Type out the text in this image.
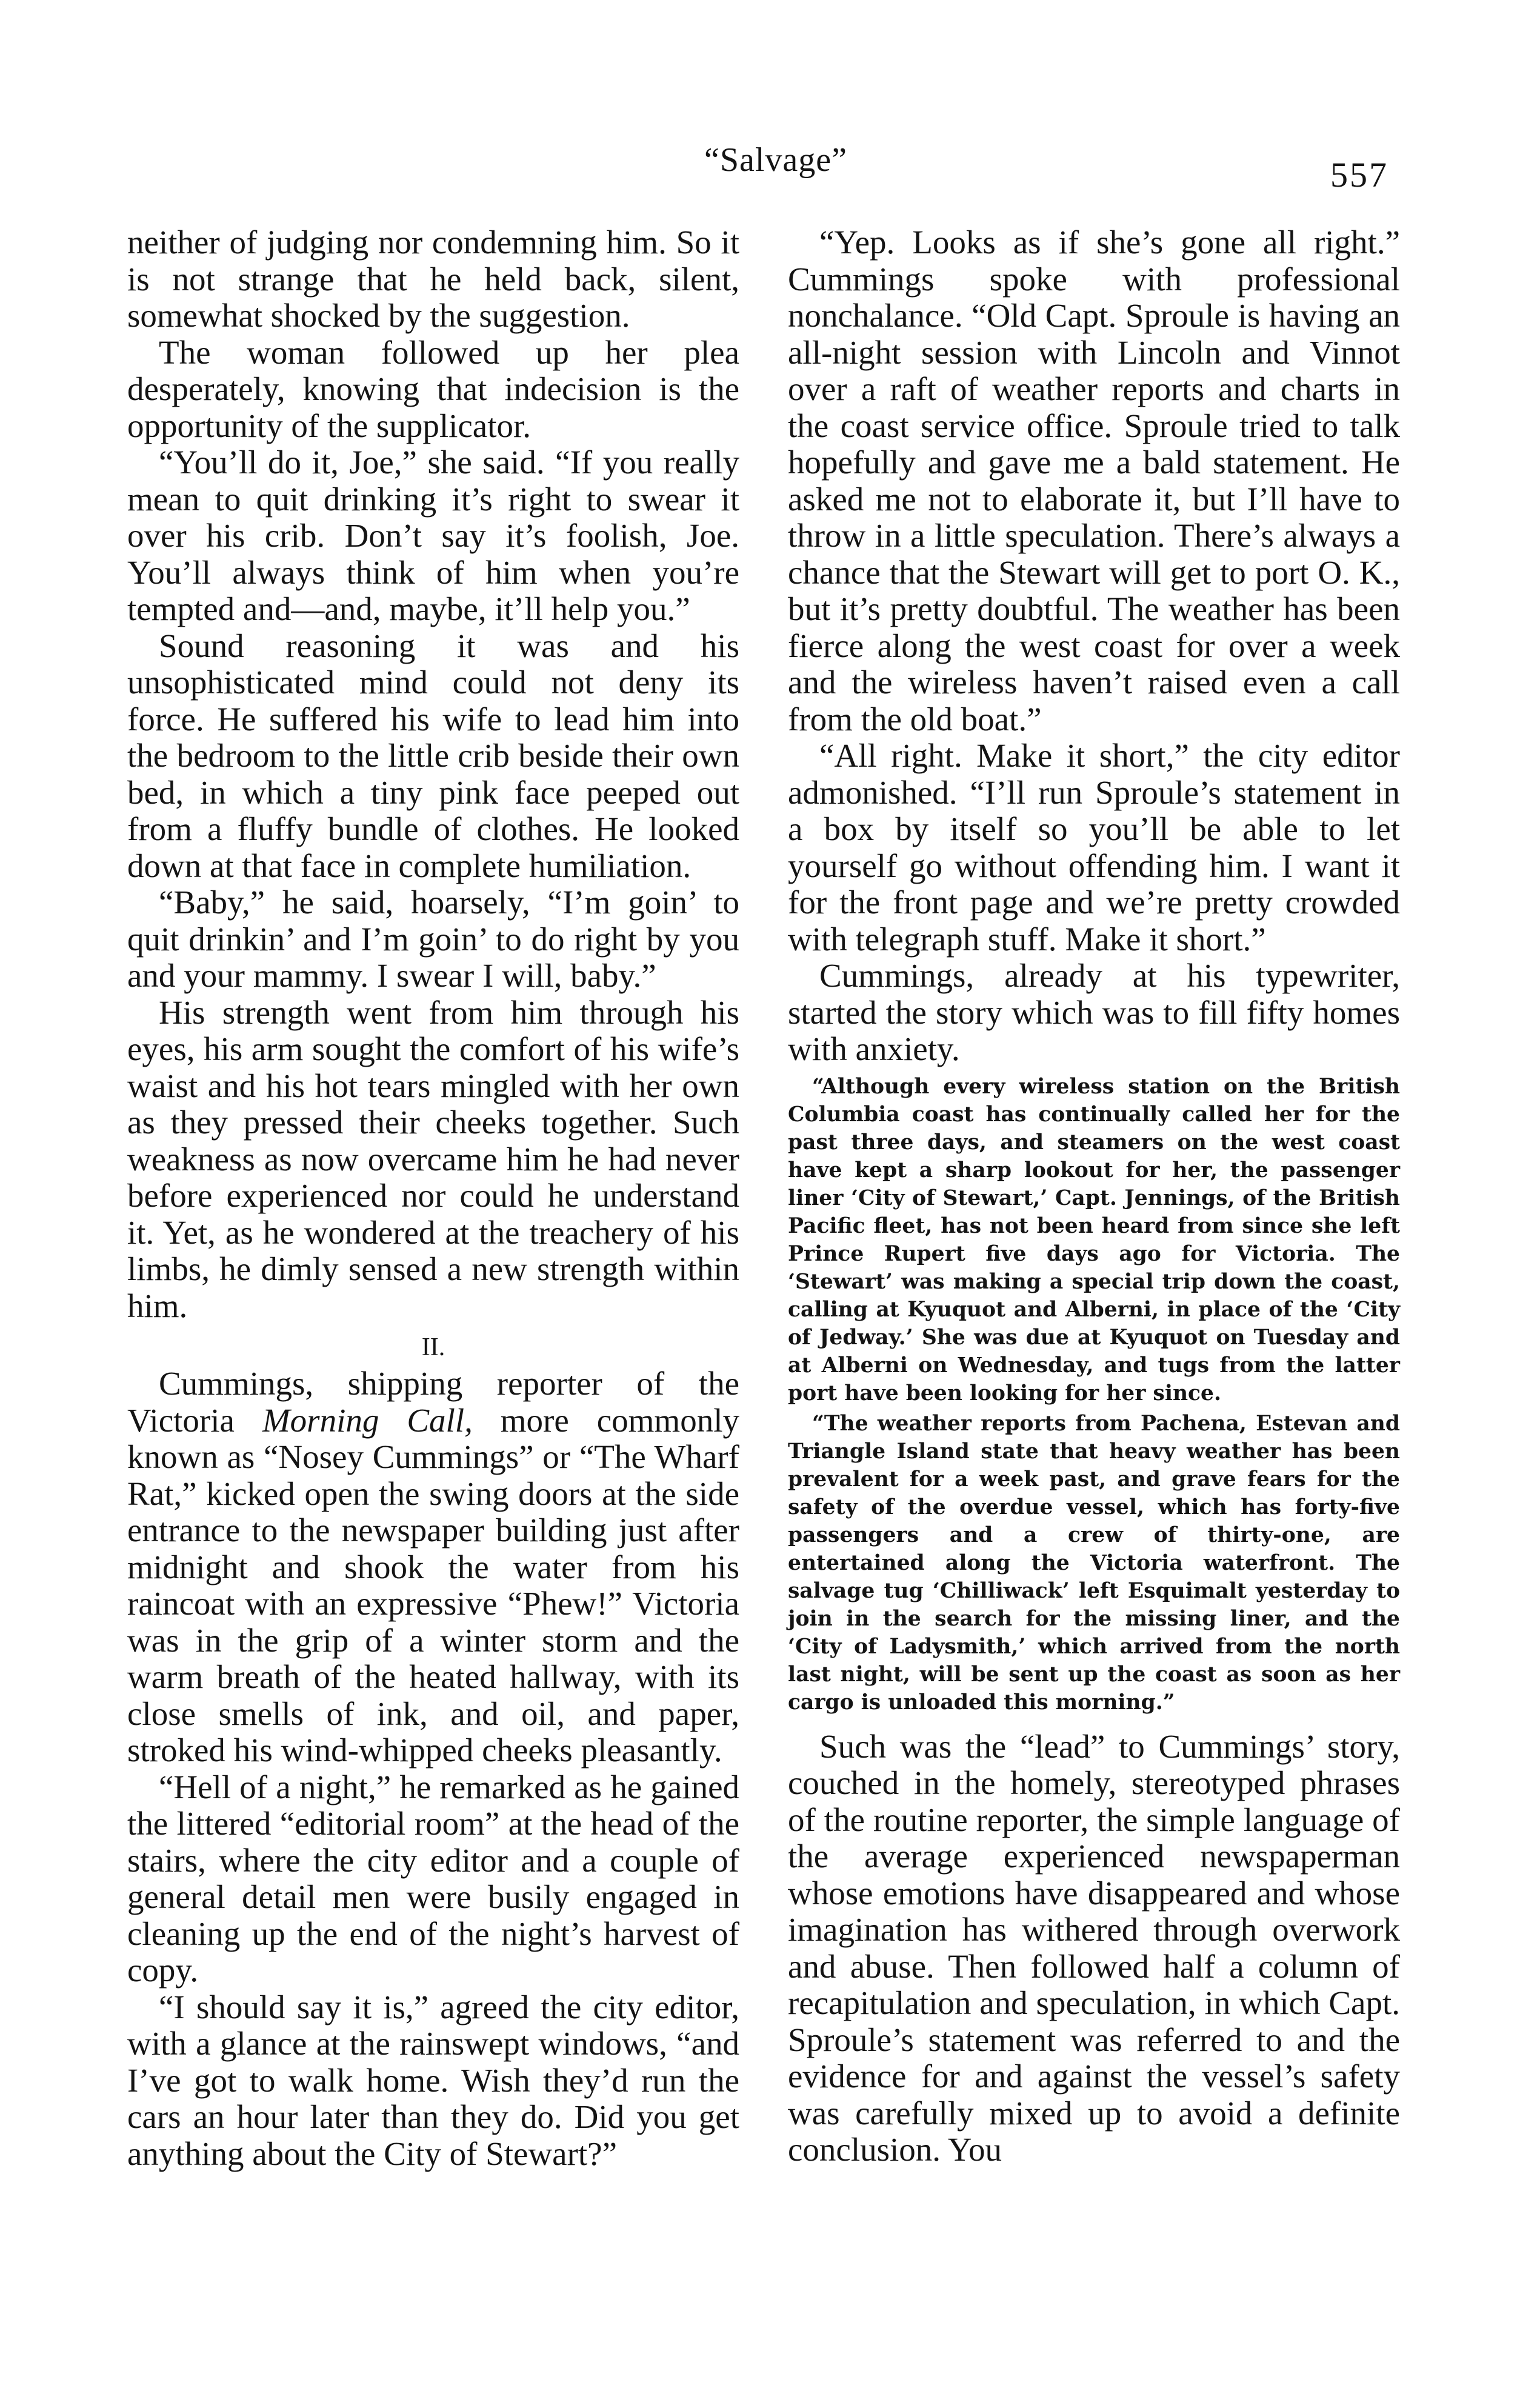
“Salvage”	557

neither of judging nor condemning him. So it is not strange that he held back, silent, somewhat shocked by the suggestion.

The woman followed up her plea desperately, knowing that indecision is the opportunity of the supplicator.

“You’ll do it, Joe,” she said. “If you really mean to quit drinking it’s right to swear it over his crib. Don’t say it’s foolish, Joe. You’ll always think of him when you’re tempted and—and, maybe, it’ll help you.”

Sound reasoning it was and his unsophisticated mind could not deny its force. He suffered his wife to lead him into the bedroom to the little crib beside their own bed, in which a tiny pink face peeped out from a fluffy bundle of clothes. He looked down at that face in complete humiliation.

“Baby,” he said, hoarsely, “I’m goin’ to quit drinkin’ and I’m goin’ to do right by you and your mammy. I swear I will, baby.”

His strength went from him through his eyes, his arm sought the comfort of his wife’s waist and his hot tears mingled with her own as they pressed their cheeks together. Such weakness as now overcame him he had never before experienced nor could he understand it. Yet, as he wondered at the treachery of his limbs, he dimly sensed a new strength within him.

II.

Cummings, shipping reporter of the Victoria Morning Call, more commonly known as “Nosey Cummings” or “The Wharf Rat,” kicked open the swing doors at the side entrance to the newspaper building just after midnight and shook the water from his raincoat with an expressive “Phew!” Victoria was in the grip of a winter storm and the warm breath of the heated hallway, with its close smells of ink, and oil, and paper, stroked his wind-whipped cheeks pleasantly.

“Hell of a night,” he remarked as he gained the littered “editorial room” at the head of the stairs, where the city editor and a couple of general detail men were busily engaged in cleaning up the end of the night’s harvest of copy.

“I should say it is,” agreed the city editor, with a glance at the rainswept windows, “and I’ve got to walk home. Wish they’d run the cars an hour later than they do. Did you get anything about the City of Stewart?”

“Yep. Looks as if she’s gone all right.” Cummings spoke with professional nonchalance. “Old Capt. Sproule is having an all-night session with Lincoln and Vinnot over a raft of weather reports and charts in the coast service office. Sproule tried to talk hopefully and gave me a bald statement. He asked me not to elaborate it, but I’ll have to throw in a little speculation. There’s always a chance that the Stewart will get to port O. K., but it’s pretty doubtful. The weather has been fierce along the west coast for over a week and the wireless haven’t raised even a call from the old boat.”

“All right. Make it short,” the city editor admonished. “I’ll run Sproule’s statement in a box by itself so you’ll be able to let yourself go without offending him. I want it for the front page and we’re pretty crowded with telegraph stuff. Make it short.”

Cummings, already at his typewriter, started the story which was to fill fifty homes with anxiety.

“Although every wireless station on the British Columbia coast has continually called her for the past three days, and steamers on the west coast have kept a sharp lookout for her, the passenger liner ‘City of Stewart,’ Capt. Jennings, of the British Pacific fleet, has not been heard from since she left Prince Rupert five days ago for Victoria. The ‘Stewart’ was making a special trip down the coast, calling at Kyuquot and Alberni, in place of the ‘City of Jedway.’ She was due at Kyuquot on Tuesday and at Alberni on Wednesday, and tugs from the latter port have been looking for her since.

“The weather reports from Pachena, Estevan and Triangle Island state that heavy weather has been prevalent for a week past, and grave fears for the safety of the overdue vessel, which has forty-five passengers and a crew of thirty-one, are entertained along the Victoria waterfront. The salvage tug ‘Chilliwack’ left Esquimalt yesterday to join in the search for the missing liner, and the ‘City of Ladysmith,’ which arrived from the north last night, will be sent up the coast as soon as her cargo is unloaded this morning.”

Such was the “lead” to Cummings’ story, couched in the homely, stereotyped phrases of the routine reporter, the simple language of the average experienced newspaperman whose emotions have disappeared and whose imagination has withered through overwork and abuse. Then followed half a column of recapitulation and speculation, in which Capt. Sproule’s statement was referred to and the evidence for and against the vessel’s safety was carefully mixed up to avoid a definite conclusion. You
